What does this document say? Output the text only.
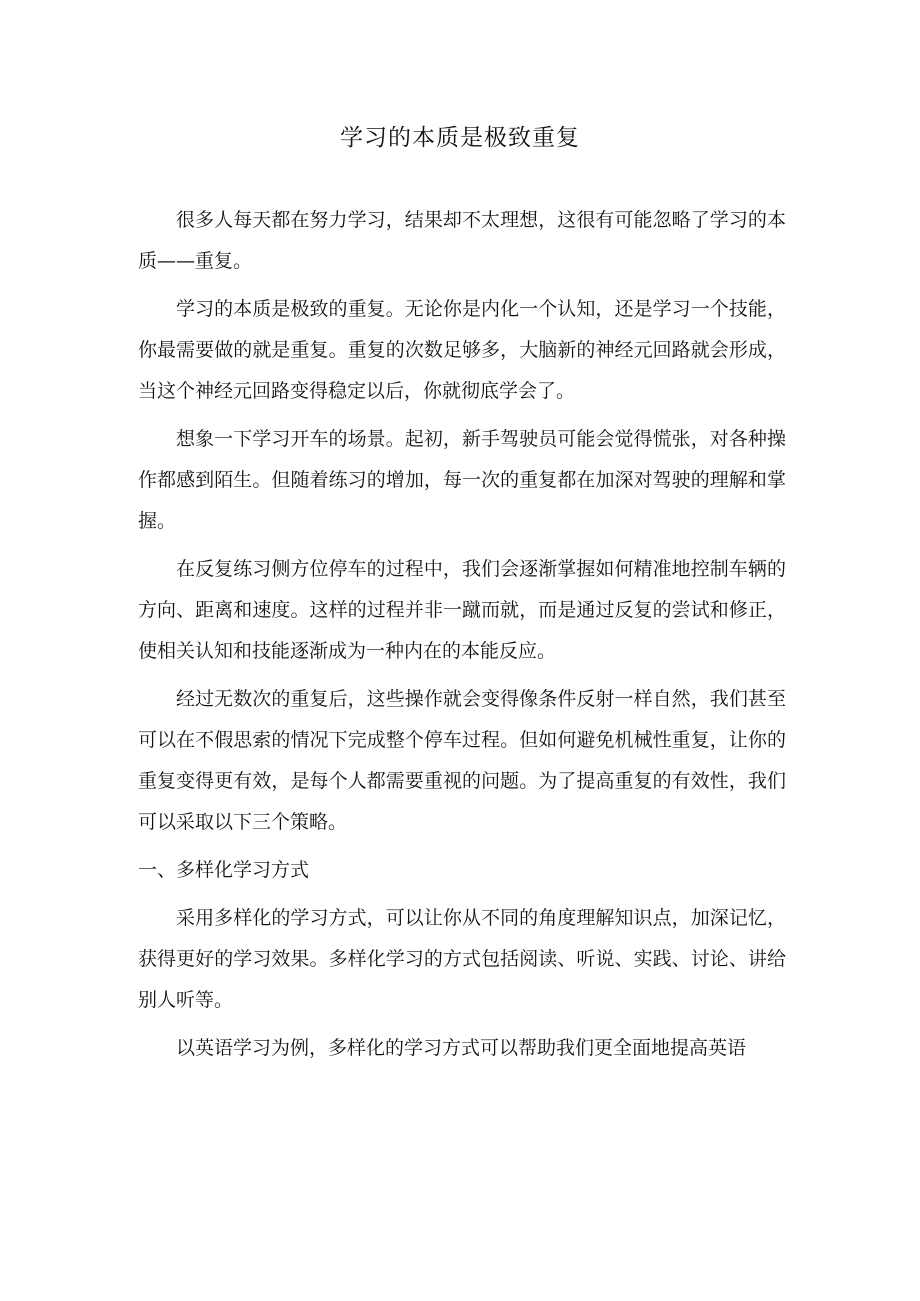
学习的本质是极致重复

很多人每天都在努力学习，结果却不太理想，这很有可能忽略了学习的本质——重复。

学习的本质是极致的重复。无论你是内化一个认知，还是学习一个技能，你最需要做的就是重复。重复的次数足够多，大脑新的神经元回路就会形成，当这个神经元回路变得稳定以后，你就彻底学会了。

想象一下学习开车的场景。起初，新手驾驶员可能会觉得慌张，对各种操作都感到陌生。但随着练习的增加，每一次的重复都在加深对驾驶的理解和掌握。

在反复练习侧方位停车的过程中，我们会逐渐掌握如何精准地控制车辆的方向、距离和速度。这样的过程并非一蹴而就，而是通过反复的尝试和修正，使相关认知和技能逐渐成为一种内在的本能反应。

经过无数次的重复后，这些操作就会变得像条件反射一样自然，我们甚至可以在不假思索的情况下完成整个停车过程。但如何避免机械性重复，让你的重复变得更有效，是每个人都需要重视的问题。为了提高重复的有效性，我们可以采取以下三个策略。

一、多样化学习方式

采用多样化的学习方式，可以让你从不同的角度理解知识点，加深记忆，获得更好的学习效果。多样化学习的方式包括阅读、听说、实践、讨论、讲给别人听等。

以英语学习为例，多样化的学习方式可以帮助我们更全面地提高英语
